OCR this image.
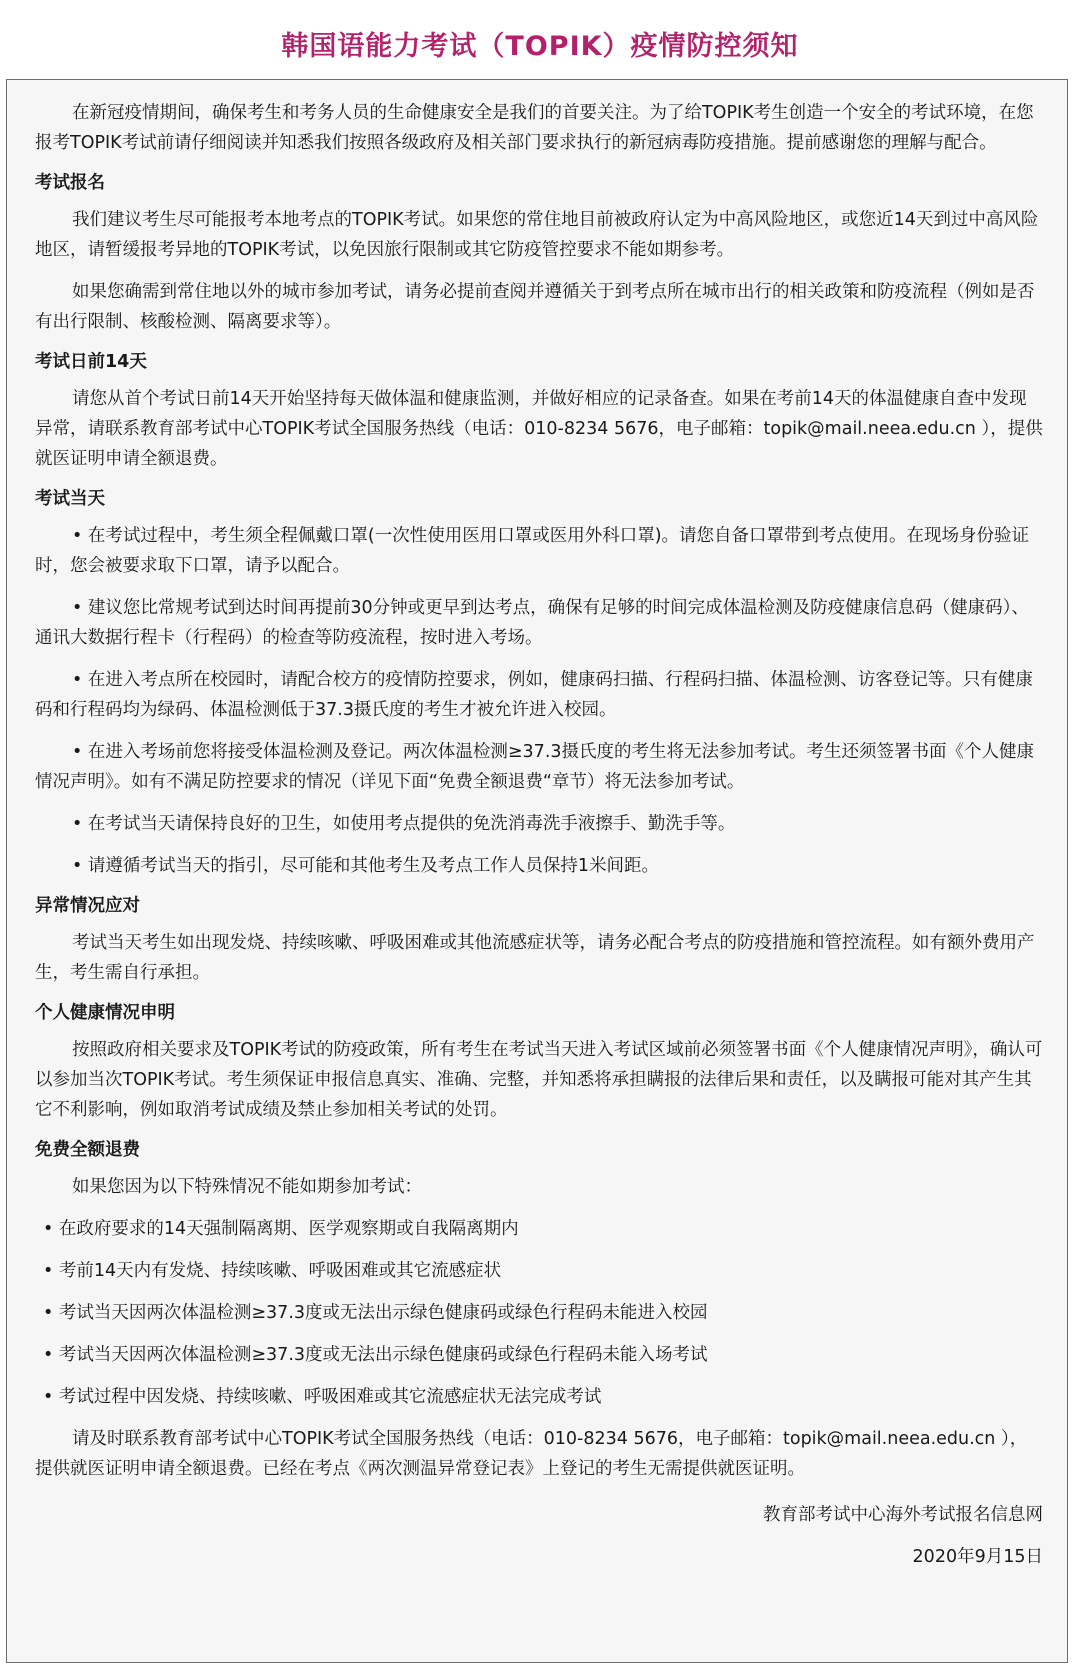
韩国语能力考试（TOPIK）疫情防控须知

在新冠疫情期间，确保考生和考务人员的生命健康安全是我们的首要关注。为了给TOPIK考生创造一个安全的考试环境，在您报考TOPIK考试前请仔细阅读并知悉我们按照各级政府及相关部门要求执行的新冠病毒防疫措施。提前感谢您的理解与配合。

考试报名

我们建议考生尽可能报考本地考点的TOPIK考试。如果您的常住地目前被政府认定为中高风险地区，或您近14天到过中高风险地区，请暂缓报考异地的TOPIK考试，以免因旅行限制或其它防疫管控要求不能如期参考。

如果您确需到常住地以外的城市参加考试，请务必提前查阅并遵循关于到考点所在城市出行的相关政策和防疫流程（例如是否有出行限制、核酸检测、隔离要求等）。

考试日前14天

请您从首个考试日前14天开始坚持每天做体温和健康监测，并做好相应的记录备查。如果在考前14天的体温健康自查中发现异常，请联系教育部考试中心TOPIK考试全国服务热线（电话：010-8234 5676，电子邮箱：topik@mail.neea.edu.cn ），提供就医证明申请全额退费。

考试当天

• 在考试过程中，考生须全程佩戴口罩(一次性使用医用口罩或医用外科口罩)。请您自备口罩带到考点使用。在现场身份验证时，您会被要求取下口罩，请予以配合。

• 建议您比常规考试到达时间再提前30分钟或更早到达考点，确保有足够的时间完成体温检测及防疫健康信息码（健康码）、通讯大数据行程卡（行程码）的检查等防疫流程，按时进入考场。

• 在进入考点所在校园时，请配合校方的疫情防控要求，例如，健康码扫描、行程码扫描、体温检测、访客登记等。只有健康码和行程码均为绿码、体温检测低于37.3摄氏度的考生才被允许进入校园。

• 在进入考场前您将接受体温检测及登记。两次体温检测≥37.3摄氏度的考生将无法参加考试。考生还须签署书面《个人健康情况声明》。如有不满足防控要求的情况（详见下面“免费全额退费“章节）将无法参加考试。

• 在考试当天请保持良好的卫生，如使用考点提供的免洗消毒洗手液擦手、勤洗手等。

• 请遵循考试当天的指引，尽可能和其他考生及考点工作人员保持1米间距。

异常情况应对

考试当天考生如出现发烧、持续咳嗽、呼吸困难或其他流感症状等，请务必配合考点的防疫措施和管控流程。如有额外费用产生，考生需自行承担。

个人健康情况申明

按照政府相关要求及TOPIK考试的防疫政策，所有考生在考试当天进入考试区域前必须签署书面《个人健康情况声明》，确认可以参加当次TOPIK考试。考生须保证申报信息真实、准确、完整，并知悉将承担瞒报的法律后果和责任，以及瞒报可能对其产生其它不利影响，例如取消考试成绩及禁止参加相关考试的处罚。

免费全额退费

如果您因为以下特殊情况不能如期参加考试：

• 在政府要求的14天强制隔离期、医学观察期或自我隔离期内

• 考前14天内有发烧、持续咳嗽、呼吸困难或其它流感症状

• 考试当天因两次体温检测≥37.3度或无法出示绿色健康码或绿色行程码未能进入校园

• 考试当天因两次体温检测≥37.3度或无法出示绿色健康码或绿色行程码未能入场考试

• 考试过程中因发烧、持续咳嗽、呼吸困难或其它流感症状无法完成考试

请及时联系教育部考试中心TOPIK考试全国服务热线（电话：010-8234 5676，电子邮箱：topik@mail.neea.edu.cn ），提供就医证明申请全额退费。已经在考点《两次测温异常登记表》上登记的考生无需提供就医证明。

教育部考试中心海外考试报名信息网

2020年9月15日
